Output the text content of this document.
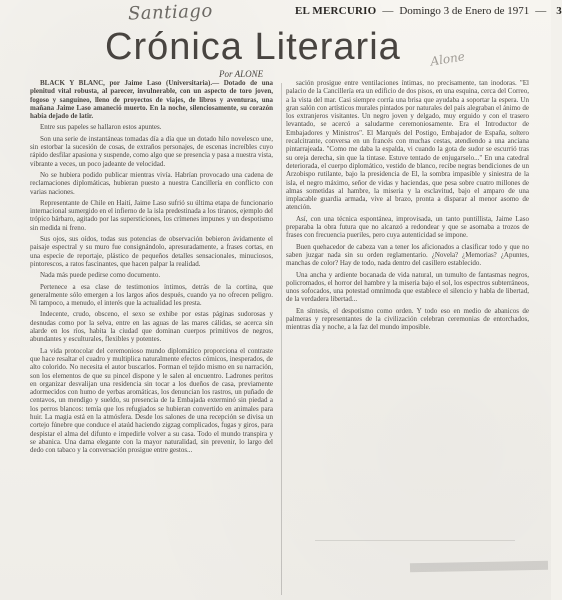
Santiago	EL MERCURIO — Domingo 3 de Enero de 1971 — 3
Crónica Literaria	Alone
Por ALONE

BLACK Y BLANC, por Jaime Laso (Universitaria).— Dotado de una plenitud vital robusta, al parecer, invulnerable, con un aspecto de toro joven, fogoso y sanguíneo, lleno de proyectos de viajes, de libros y aventuras, una mañana Jaime Laso amaneció muerto. En la noche, silenciosamente, su corazón había dejado de latir.

Entre sus papeles se hallaron estos apuntes.

Son una serie de instantáneas tomadas día a día que un dotado hilo novelesco une, sin estorbar la sucesión de cosas, de extraños personajes, de escenas increíbles cuyo rápido desfilar apasiona y suspende, como algo que se presencia y pasa a nuestra vista, vibrante a veces, un poco jadeante de velocidad.

No se hubiera podido publicar mientras vivía. Habrían provocado una cadena de reclamaciones diplomáticas, hubieran puesto a nuestra Cancillería en conflicto con varias naciones.

Representante de Chile en Haití, Jaime Laso sufrió su última etapa de funcionario internacional sumergido en el infierno de la isla predestinada a los tiranos, ejemplo del trópico bárbaro, agitado por las supersticiones, los crímenes impunes y un despotismo sin medida ni freno.

Sus ojos, sus oídos, todas sus potencias de observación bebieron ávidamente el paisaje espectral y su muro fue consignándolo, apresuradamente, a frases cortas, en una especie de reportaje, plástico de pequeños detalles sensacionales, minuciosos, pintorescos, a ratos fascinantes, que hacen palpar la realidad.

Nada más puede pedirse como documento.

Pertenece a esa clase de testimonios íntimos, detrás de la cortina, que generalmente sólo emergen a los largos años después, cuando ya no ofrecen peligro. Ni tampoco, a menudo, el interés que la actualidad les presta.

Indecente, crudo, obsceno, el sexo se exhibe por estas páginas sudorosas y desnudas como por la selva, entre en las aguas de las mares cálidas, se acerca sin alarde en los ríos, habita la ciudad que dominan cuerpos primitivos de negros, abundantes y esculturales, flexibles y potentes.

La vida protocolar del ceremonioso mundo diplomático proporciona el contraste que hace resaltar el cuadro y multiplica naturalmente efectos cómicos, inesperados, de alto colorido. No necesita el autor buscarlos. Forman el tejido mismo en su narración, son los elementos de que su pincel dispone y le salen al encuentro. Ladrones peritos en organizar desvalijan una residencia sin tocar a los dueños de casa, previamente adormecidos con humo de yerbas aromáticas, los denuncian los rastros, un puñado de centavos, un mendigo y sueldo, su presencia de la Embajada exterminó sin piedad a los perros blancos: temía que los refugiados se hubieran convertido en animales para huir. La magia está en la atmósfera. Desde los salones de una recepción se divisa un cortejo fúnebre que conduce el ataúd haciendo zigzag complicados, fugas y giros, para despistar el alma del difunto e impedirle volver a su casa. Todo el mundo transpira y se abanica. Una dama elegante con la mayor naturalidad, sin prevenir, lo largo del dedo con tabaco y la conversación prosigue entre gestos...

sación prosigue entre ventilaciones íntimas, no precisamente, tan inodoras. "El palacio de la Cancillería era un edificio de dos pisos, en una esquina, cerca del Correo, a la vista del mar. Casi siempre corría una brisa que ayudaba a soportar la espera. Un gran salón con artísticos murales pintados por naturales del país alegraban el ánimo de los extranjeros visitantes. Un negro joven y delgado, muy erguido y con el trasero levantado, se acercó a saludarme ceremoniosamente. Era el Introductor de Embajadores y Ministros". El Marqués del Postigo, Embajador de España, soltero recalcitrante, conversa en un francés con muchas cestas, atendiendo a una anciana pintarrajeada. "Como me daba la espalda, vi cuando la gota de sudor se escurrió tras su oreja derecha, sin que la tintase. Estuve tentado de enjugarselo..." En una catedral deteriorada, el cuerpo diplomático, vestido de blanco, recibe negras bendiciones de un Arzobispo rutilante, bajo la presidencia de El, la sombra impasible y siniestra de la isla, el negro máximo, señor de vidas y haciendas, que pesa sobre cuatro millones de almas sometidas al hambre, la miseria y la esclavitud, bajo el amparo de una implacable guardia armada, vive al brazo, pronta a disparar al menor asomo de atención.

Así, con una técnica espontánea, improvisada, un tanto puntillista, Jaime Laso preparaba la obra futura que no alcanzó a redondear y que se asomaba a trozos de frases con frecuencia pueriles, pero cuya autenticidad se impone.

Buen quehacedor de cabeza van a tener los aficionados a clasificar todo y que no saben juzgar nada sin su orden reglamentario. ¿Novela? ¿Memorias? ¿Apuntes, manchas de color? Hay de todo, nada dentro del casillero establecido.

Una ancha y ardiente bocanada de vida natural, un tumulto de fantasmas negros, policromados, el horror del hambre y la miseria bajo el sol, los espectros subterráneos, unos sofocados, una potestad omnímoda que establece el silencio y habla de libertad, de la verdadera libertad...

En síntesis, el despotismo como orden. Y todo eso en medio de abanicos de palmeras y representantes de la civilización celebran ceremonias de entorchados, mientras día y noche, a la faz del mundo imposible.
